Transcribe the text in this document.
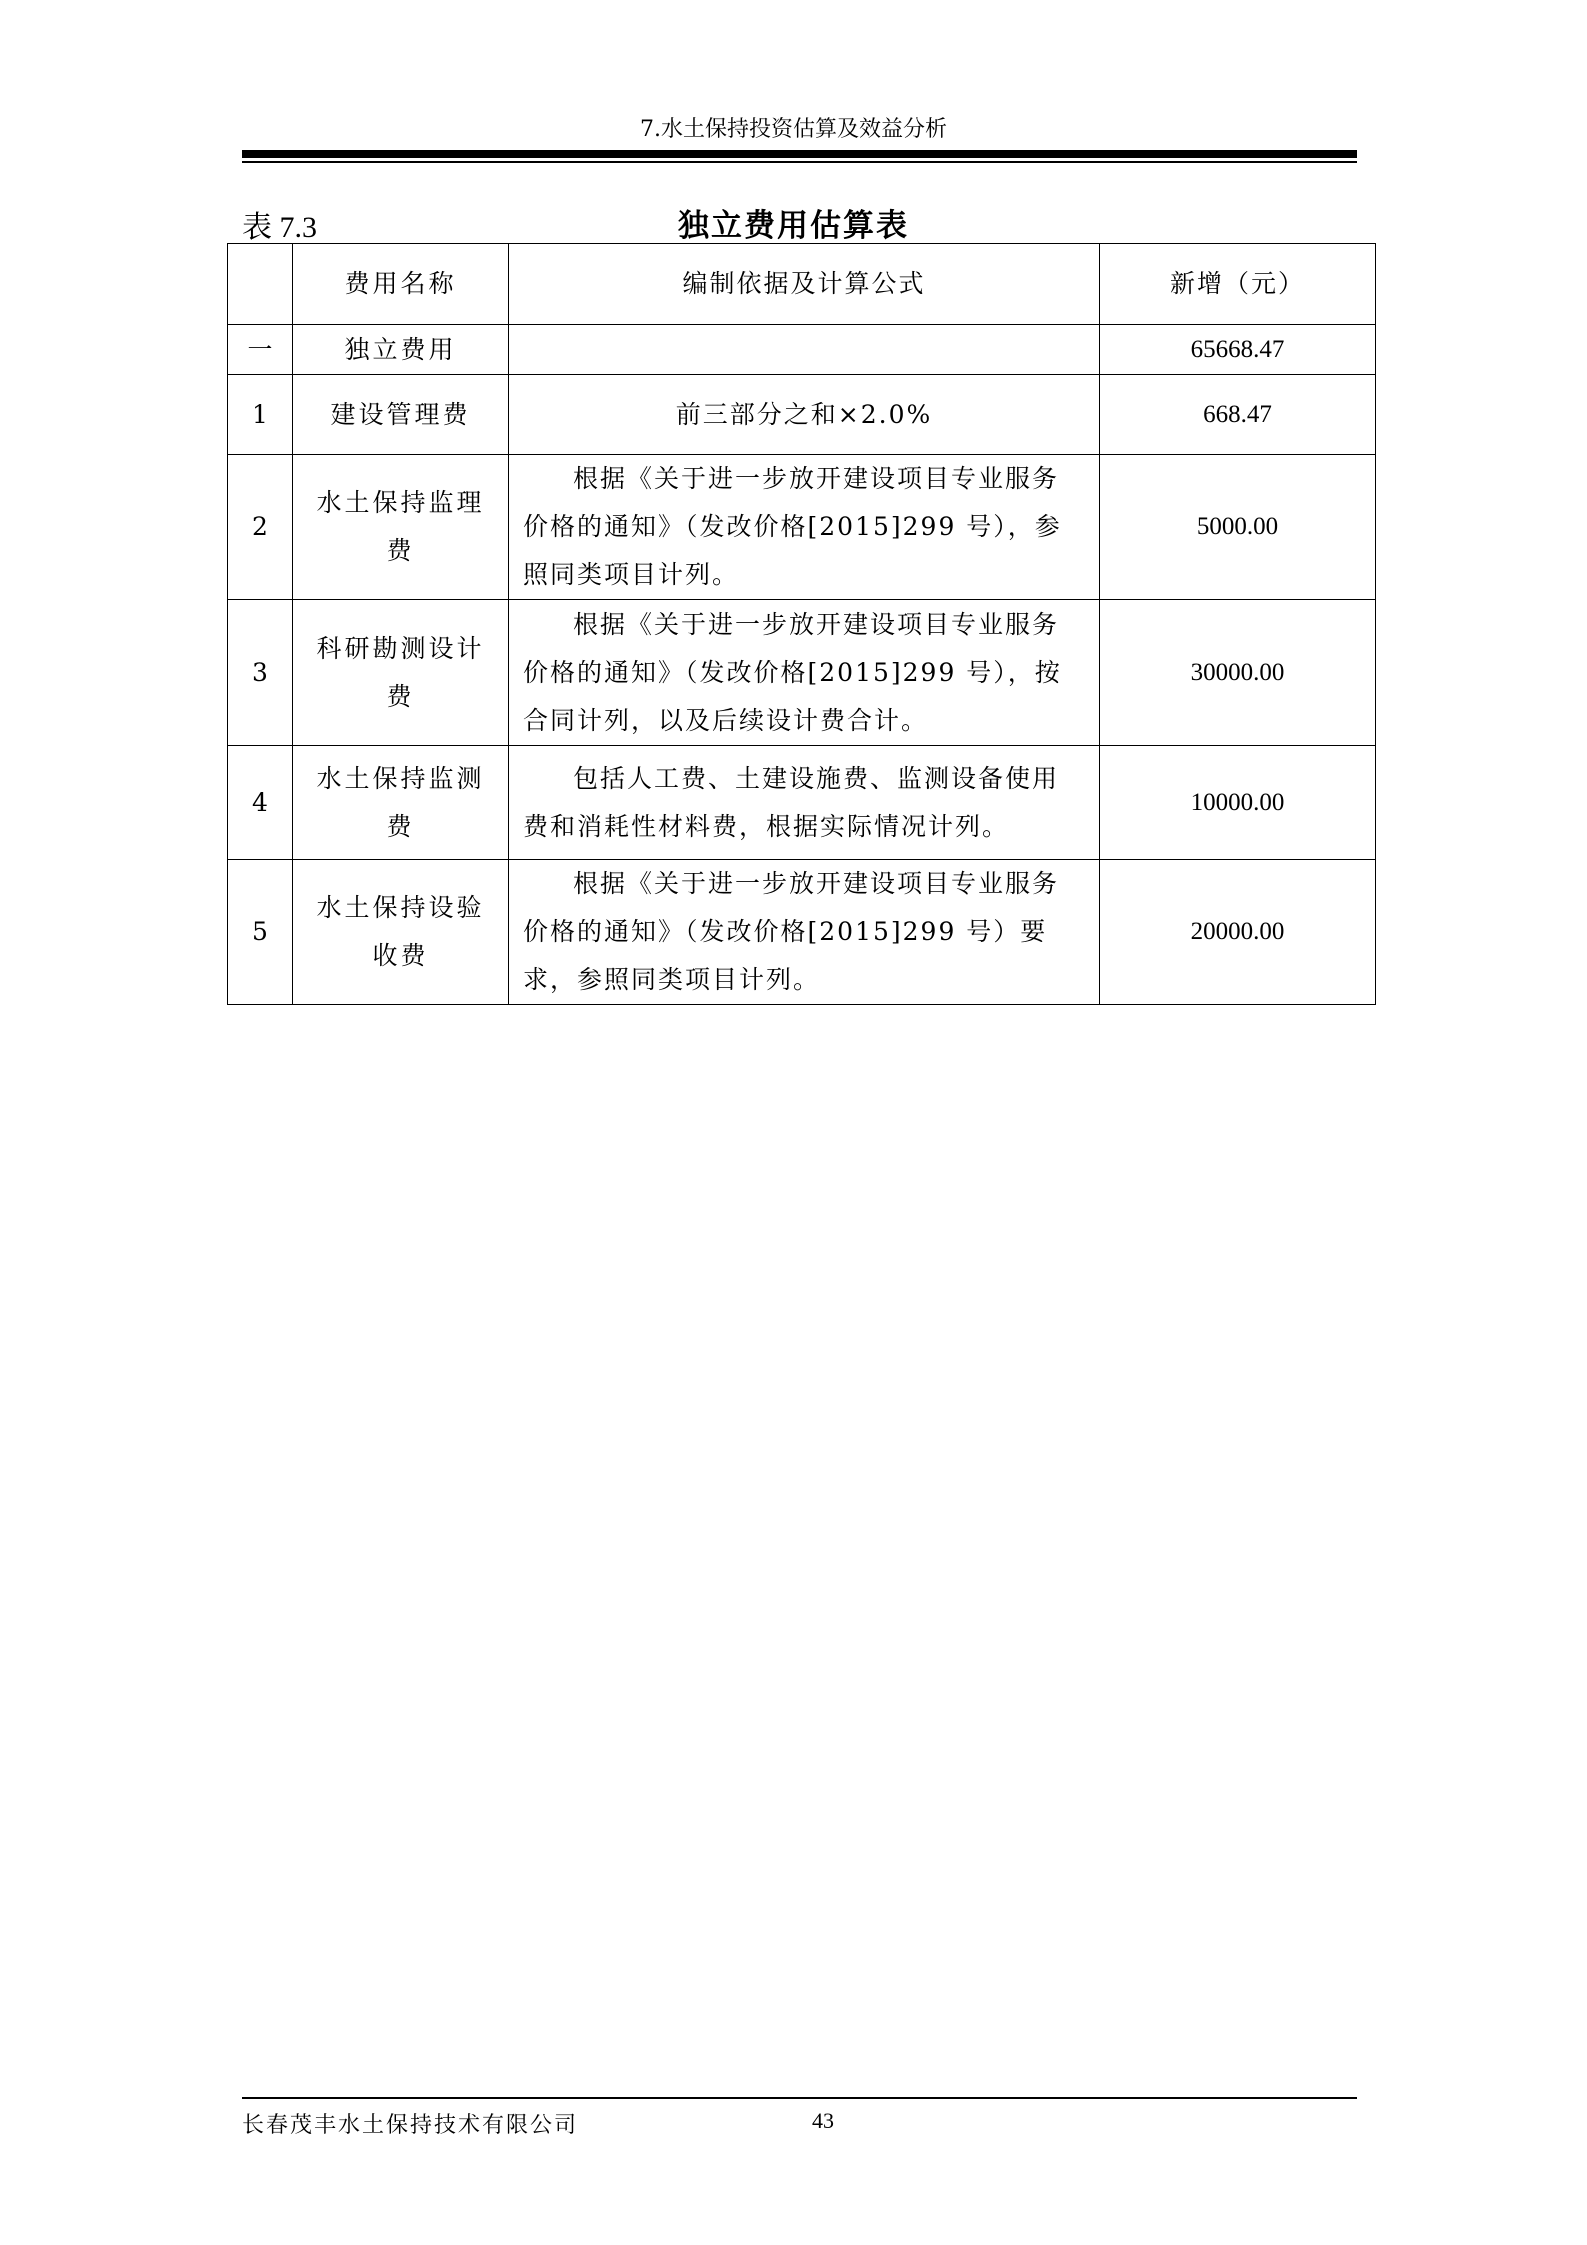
7.水土保持投资估算及效益分析
表 7.3	独立费用估算表
	费用名称	编制依据及计算公式	新增（元）
一	独立费用		65668.47
1	建设管理费	前三部分之和×2.0%	668.47
2	水土保持监理费	根据《关于进一步放开建设项目专业服务价格的通知》（发改价格[2015]299 号），参照同类项目计列。	5000.00
3	科研勘测设计费	根据《关于进一步放开建设项目专业服务价格的通知》（发改价格[2015]299 号），按合同计列，以及后续设计费合计。	30000.00
4	水土保持监测费	包括人工费、土建设施费、监测设备使用费和消耗性材料费，根据实际情况计列。	10000.00
5	水土保持设验收费	根据《关于进一步放开建设项目专业服务价格的通知》（发改价格[2015]299 号）要求，参照同类项目计列。	20000.00
长春茂丰水土保持技术有限公司	43
